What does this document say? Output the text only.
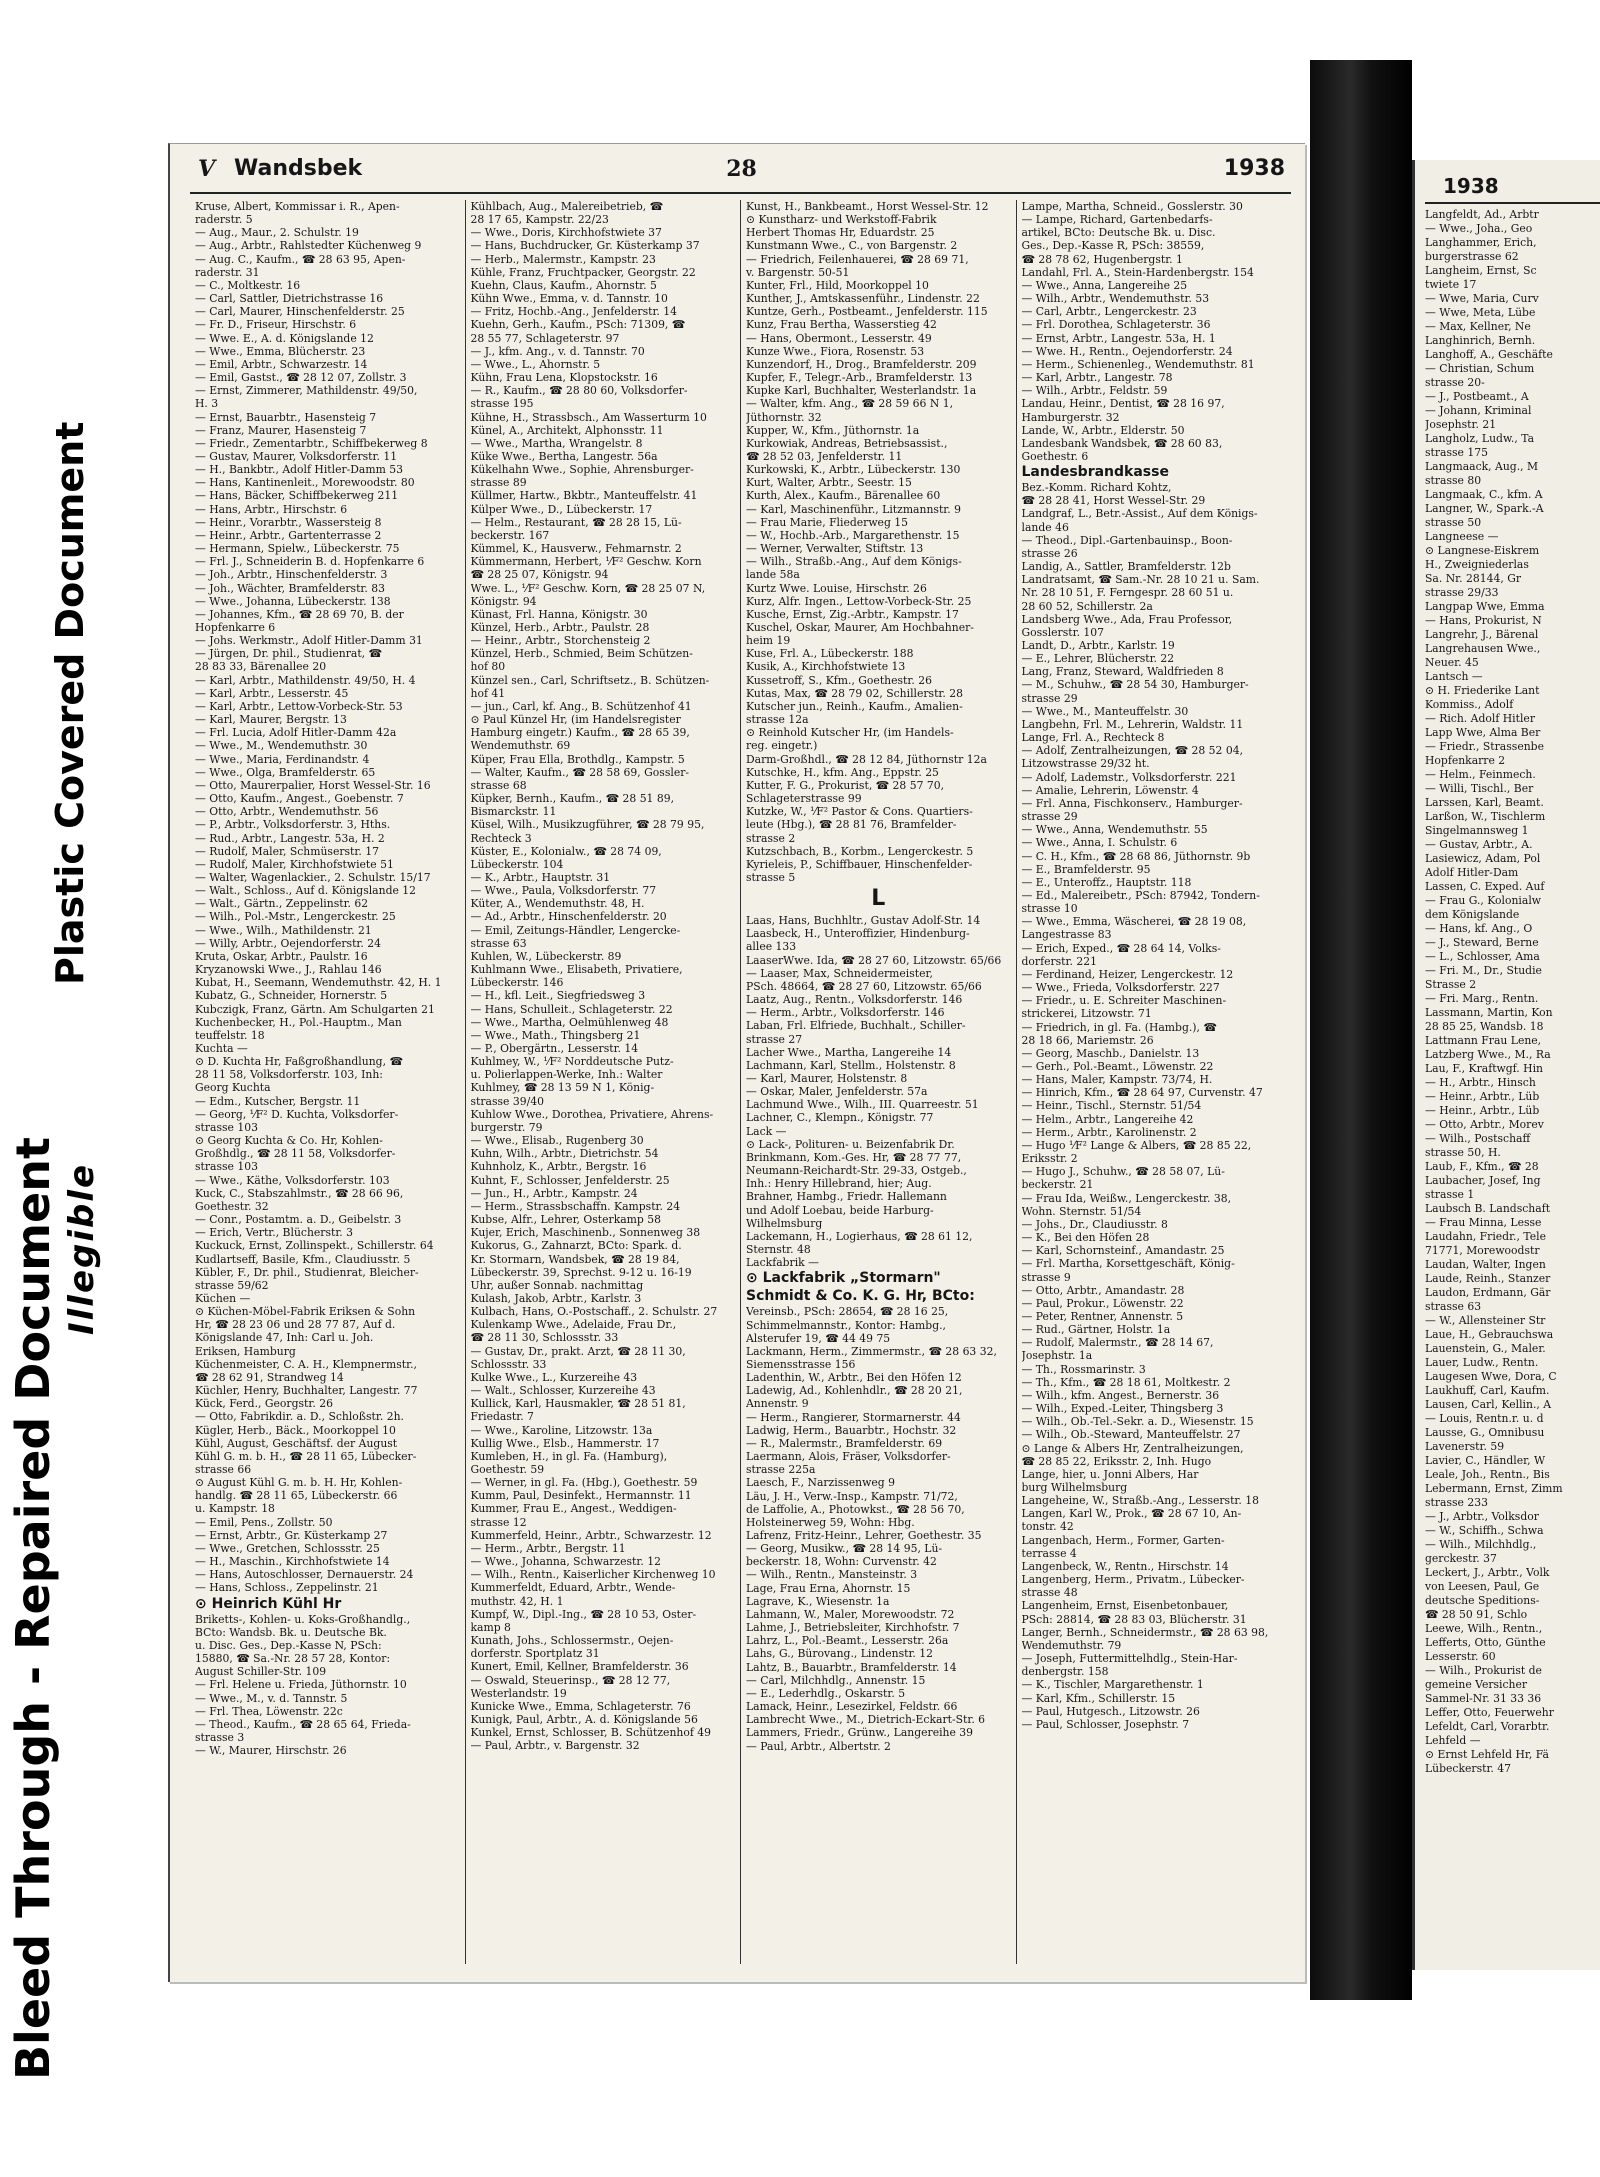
Bleed Through - Repaired Document Illegible
Plastic Covered Document
V Wandsbek	28	1938
Kruse, Albert, Kommissar i. R., Apen-
raderstr. 5
— Aug., Maur., 2. Schulstr. 19
— Aug., Arbtr., Rahlstedter Küchenweg 9
— Aug. C., Kaufm., ☎ 28 63 95, Apen-
raderstr. 31
— C., Moltkestr. 16
— Carl, Sattler, Dietrichstrasse 16
— Carl, Maurer, Hinschenfelderstr. 25
— Fr. D., Friseur, Hirschstr. 6
— Wwe. E., A. d. Königslande 12
— Wwe., Emma, Blücherstr. 23
— Emil, Arbtr., Schwarzestr. 14
— Emil, Gastst., ☎ 28 12 07, Zollstr. 3
— Ernst, Zimmerer, Mathildenstr. 49/50,
H. 3
— Ernst, Bauarbtr., Hasensteig 7
— Franz, Maurer, Hasensteig 7
— Friedr., Zementarbtr., Schiffbekerweg 8
— Gustav, Maurer, Volksdorferstr. 11
— H., Bankbtr., Adolf Hitler-Damm 53
— Hans, Kantinenleit., Morewoodstr. 80
— Hans, Bäcker, Schiffbekerweg 211
— Hans, Arbtr., Hirschstr. 6
— Heinr., Vorarbtr., Wassersteig 8
— Heinr., Arbtr., Gartenterrasse 2
— Hermann, Spielw., Lübeckerstr. 75
— Frl. J., Schneiderin B. d. Hopfenkarre 6
— Joh., Arbtr., Hinschenfelderstr. 3
— Joh., Wächter, Bramfelderstr. 83
— Wwe., Johanna, Lübeckerstr. 138
— Johannes, Kfm., ☎ 28 69 70, B. der
Hopfenkarre 6
— Johs. Werkmstr., Adolf Hitler-Damm 31
— Jürgen, Dr. phil., Studienrat, ☎
28 83 33, Bärenallee 20
— Karl, Arbtr., Mathildenstr. 49/50, H. 4
— Karl, Arbtr., Lesserstr. 45
— Karl, Arbtr., Lettow-Vorbeck-Str. 53
— Karl, Maurer, Bergstr. 13
— Frl. Lucia, Adolf Hitler-Damm 42a
— Wwe., M., Wendemuthstr. 30
— Wwe., Maria, Ferdinandstr. 4
— Wwe., Olga, Bramfelderstr. 65
— Otto, Maurerpalier, Horst Wessel-Str. 16
— Otto, Kaufm., Angest., Goebenstr. 7
— Otto, Arbtr., Wendemuthstr. 56
— P., Arbtr., Volksdorferstr. 3, Hths.
— Rud., Arbtr., Langestr. 53a, H. 2
— Rudolf, Maler, Schmüserstr. 17
— Rudolf, Maler, Kirchhofstwiete 51
— Walter, Wagenlackier., 2. Schulstr. 15/17
— Walt., Schloss., Auf d. Königslande 12
— Walt., Gärtn., Zeppelinstr. 62
— Wilh., Pol.-Mstr., Lengerckestr. 25
— Wwe., Wilh., Mathildenstr. 21
— Willy, Arbtr., Oejendorferstr. 24
Kruta, Oskar, Arbtr., Paulstr. 16
Kryzanowski Wwe., J., Rahlau 146
Kubat, H., Seemann, Wendemuthstr. 42, H. 1
Kubatz, G., Schneider, Hornerstr. 5
Kubczigk, Franz, Gärtn. Am Schulgarten 21
Kuchenbecker, H., Pol.-Hauptm., Man
teuffelstr. 18
Kuchta —
⊙ D. Kuchta Hr, Faßgroßhandlung, ☎
28 11 58, Volksdorferstr. 103, Inh:
Georg Kuchta
— Edm., Kutscher, Bergstr. 11
— Georg, ⅟F² D. Kuchta, Volksdorfer-
strasse 103
⊙ Georg Kuchta & Co. Hr, Kohlen-
Großhdlg., ☎ 28 11 58, Volksdorfer-
strasse 103
— Wwe., Käthe, Volksdorferstr. 103
Kuck, C., Stabszahlmstr., ☎ 28 66 96,
Goethestr. 32
— Conr., Postamtm. a. D., Geibelstr. 3
— Erich, Vertr., Blücherstr. 3
Kuckuck, Ernst, Zollinspekt., Schillerstr. 64
Kudlartseff, Basile, Kfm., Claudiusstr. 5
Kübler, F., Dr. phil., Studienrat, Bleicher-
strasse 59/62
Küchen —
⊙ Küchen-Möbel-Fabrik Eriksen & Sohn
Hr, ☎ 28 23 06 und 28 77 87, Auf d.
Königslande 47, Inh: Carl u. Joh.
Eriksen, Hamburg
Küchenmeister, C. A. H., Klempnermstr.,
☎ 28 62 91, Strandweg 14
Küchler, Henry, Buchhalter, Langestr. 77
Kück, Ferd., Georgstr. 26
— Otto, Fabrikdir. a. D., Schloßstr. 2h.
Kügler, Herb., Bäck., Moorkoppel 10
Kühl, August, Geschäftsf. der August
Kühl G. m. b. H., ☎ 28 11 65, Lübecker-
strasse 66
⊙ August Kühl G. m. b. H. Hr, Kohlen-
handlg. ☎ 28 11 65, Lübeckerstr. 66
u. Kampstr. 18
— Emil, Pens., Zollstr. 50
— Ernst, Arbtr., Gr. Küsterkamp 27
— Wwe., Gretchen, Schlossstr. 25
— H., Maschin., Kirchhofstwiete 14
— Hans, Autoschlosser, Dernauerstr. 24
— Hans, Schloss., Zeppelinstr. 21
⊙ Heinrich Kühl Hr
Briketts-, Kohlen- u. Koks-Großhandlg.,
BCto: Wandsb. Bk. u. Deutsche Bk.
u. Disc. Ges., Dep.-Kasse N, PSch:
15880, ☎ Sa.-Nr. 28 57 28, Kontor:
August Schiller-Str. 109
— Frl. Helene u. Frieda, Jüthornstr. 10
— Wwe., M., v. d. Tannstr. 5
— Frl. Thea, Löwenstr. 22c
— Theod., Kaufm., ☎ 28 65 64, Frieda-
strasse 3
— W., Maurer, Hirschstr. 26
Kühlbach, Aug., Malereibetrieb, ☎
28 17 65, Kampstr. 22/23
— Wwe., Doris, Kirchhofstwiete 37
— Hans, Buchdrucker, Gr. Küsterkamp 37
— Herb., Malermstr., Kampstr. 23
Kühle, Franz, Fruchtpacker, Georgstr. 22
Kuehn, Claus, Kaufm., Ahornstr. 5
Kühn Wwe., Emma, v. d. Tannstr. 10
— Fritz, Hochb.-Ang., Jenfelderstr. 14
Kuehn, Gerh., Kaufm., PSch: 71309, ☎
28 55 77, Schlageterstr. 97
— J., kfm. Ang., v. d. Tannstr. 70
— Wwe., L., Ahornstr. 5
Kühn, Frau Lena, Klopstockstr. 16
— R., Kaufm., ☎ 28 80 60, Volksdorfer-
strasse 195
Kühne, H., Strassbsch., Am Wasserturm 10
Künel, A., Architekt, Alphonsstr. 11
— Wwe., Martha, Wrangelstr. 8
Küke Wwe., Bertha, Langestr. 56a
Kükelhahn Wwe., Sophie, Ahrensburger-
strasse 89
Küllmer, Hartw., Bkbtr., Manteuffelstr. 41
Külper Wwe., D., Lübeckerstr. 17
— Helm., Restaurant, ☎ 28 28 15, Lü-
beckerstr. 167
Kümmel, K., Hausverw., Fehmarnstr. 2
Kümmermann, Herbert, ⅟F² Geschw. Korn
☎ 28 25 07, Königstr. 94
Wwe. L., ⅟F² Geschw. Korn, ☎ 28 25 07 N,
Königstr. 94
Künast, Frl. Hanna, Königstr. 30
Künzel, Herb., Arbtr., Paulstr. 28
— Heinr., Arbtr., Storchensteig 2
Künzel, Herb., Schmied, Beim Schützen-
hof 80
Künzel sen., Carl, Schriftsetz., B. Schützen-
hof 41
— jun., Carl, kf. Ang., B. Schützenhof 41
⊙ Paul Künzel Hr, (im Handelsregister
Hamburg eingetr.) Kaufm., ☎ 28 65 39,
Wendemuthstr. 69
Küper, Frau Ella, Brothdlg., Kampstr. 5
— Walter, Kaufm., ☎ 28 58 69, Gossler-
strasse 68
Küpker, Bernh., Kaufm., ☎ 28 51 89,
Bismarckstr. 11
Küsel, Wilh., Musikzugführer, ☎ 28 79 95,
Rechteck 3
Küster, E., Kolonialw., ☎ 28 74 09,
Lübeckerstr. 104
— K., Arbtr., Hauptstr. 31
— Wwe., Paula, Volksdorferstr. 77
Küter, A., Wendemuthstr. 48, H.
— Ad., Arbtr., Hinschenfelderstr. 20
— Emil, Zeitungs-Händler, Lengercke-
strasse 63
Kuhlen, W., Lübeckerstr. 89
Kuhlmann Wwe., Elisabeth, Privatiere,
Lübeckerstr. 146
— H., kfl. Leit., Siegfriedsweg 3
— Hans, Schulleit., Schlageterstr. 22
— Wwe., Martha, Oelmühlenweg 48
— Wwe., Math., Thingsberg 21
— P., Obergärtn., Lesserstr. 14
Kuhlmey, W., ⅟F² Norddeutsche Putz-
u. Polierlappen-Werke, Inh.: Walter
Kuhlmey, ☎ 28 13 59 N 1, König-
strasse 39/40
Kuhlow Wwe., Dorothea, Privatiere, Ahrens-
burgerstr. 79
— Wwe., Elisab., Rugenberg 30
Kuhn, Wilh., Arbtr., Dietrichstr. 54
Kuhnholz, K., Arbtr., Bergstr. 16
Kuhnt, F., Schlosser, Jenfelderstr. 25
— Jun., H., Arbtr., Kampstr. 24
— Herm., Strassbschaffn. Kampstr. 24
Kubse, Alfr., Lehrer, Osterkamp 58
Kujer, Erich, Maschinenb., Sonnenweg 38
Kukorus, G., Zahnarzt, BCto: Spark. d.
Kr. Stormarn, Wandsbek, ☎ 28 19 84,
Lübeckerstr. 39, Sprechst. 9-12 u. 16-19
Uhr, außer Sonnab. nachmittag
Kulash, Jakob, Arbtr., Karlstr. 3
Kulbach, Hans, O.-Postschaff., 2. Schulstr. 27
Kulenkamp Wwe., Adelaide, Frau Dr.,
☎ 28 11 30, Schlossstr. 33
— Gustav, Dr., prakt. Arzt, ☎ 28 11 30,
Schlossstr. 33
Kulke Wwe., L., Kurzereihe 43
— Walt., Schlosser, Kurzereihe 43
Kullick, Karl, Hausmakler, ☎ 28 51 81,
Friedastr. 7
— Wwe., Karoline, Litzowstr. 13a
Kullig Wwe., Elsb., Hammerstr. 17
Kumleben, H., in gl. Fa. (Hamburg),
Goethestr. 59
— Werner, in gl. Fa. (Hbg.), Goethestr. 59
Kumm, Paul, Desinfekt., Hermannstr. 11
Kummer, Frau E., Angest., Weddigen-
strasse 12
Kummerfeld, Heinr., Arbtr., Schwarzestr. 12
— Herm., Arbtr., Bergstr. 11
— Wwe., Johanna, Schwarzestr. 12
— Wilh., Rentn., Kaiserlicher Kirchenweg 10
Kummerfeldt, Eduard, Arbtr., Wende-
muthstr. 42, H. 1
Kumpf, W., Dipl.-Ing., ☎ 28 10 53, Oster-
kamp 8
Kunath, Johs., Schlossermstr., Oejen-
dorferstr. Sportplatz 31
Kunert, Emil, Kellner, Bramfelderstr. 36
— Oswald, Steuerinsp., ☎ 28 12 77,
Westerlandstr. 19
Kunicke Wwe., Emma, Schlageterstr. 76
Kunigk, Paul, Arbtr., A. d. Königslande 56
Kunkel, Ernst, Schlosser, B. Schützenhof 49
— Paul, Arbtr., v. Bargenstr. 32
Kunst, H., Bankbeamt., Horst Wessel-Str. 12
⊙ Kunstharz- und Werkstoff-Fabrik
Herbert Thomas Hr, Eduardstr. 25
Kunstmann Wwe., C., von Bargenstr. 2
— Friedrich, Feilenhauerei, ☎ 28 69 71,
v. Bargenstr. 50-51
Kunter, Frl., Hild, Moorkoppel 10
Kunther, J., Amtskassenführ., Lindenstr. 22
Kuntze, Gerh., Postbeamt., Jenfelderstr. 115
Kunz, Frau Bertha, Wasserstieg 42
— Hans, Obermont., Lesserstr. 49
Kunze Wwe., Fiora, Rosenstr. 53
Kunzendorf, H., Drog., Bramfelderstr. 209
Kupfer, F., Telegr.-Arb., Bramfelderstr. 13
Kupke Karl, Buchhalter, Westerlandstr. 1a
— Walter, kfm. Ang., ☎ 28 59 66 N 1,
Jüthornstr. 32
Kupper, W., Kfm., Jüthornstr. 1a
Kurkowiak, Andreas, Betriebsassist.,
☎ 28 52 03, Jenfelderstr. 11
Kurkowski, K., Arbtr., Lübeckerstr. 130
Kurt, Walter, Arbtr., Seestr. 15
Kurth, Alex., Kaufm., Bärenallee 60
— Karl, Maschinenführ., Litzmannstr. 9
— Frau Marie, Fliederweg 15
— W., Hochb.-Arb., Margarethenstr. 15
— Werner, Verwalter, Stiftstr. 13
— Wilh., Straßb.-Ang., Auf dem Königs-
lande 58a
Kurtz Wwe. Louise, Hirschstr. 26
Kurz, Alfr. Ingen., Lettow-Vorbeck-Str. 25
Kusche, Ernst, Zig.-Arbtr., Kampstr. 17
Kuschel, Oskar, Maurer, Am Hochbahner-
heim 19
Kuse, Frl. A., Lübeckerstr. 188
Kusik, A., Kirchhofstwiete 13
Kussetroff, S., Kfm., Goethestr. 26
Kutas, Max, ☎ 28 79 02, Schillerstr. 28
Kutscher jun., Reinh., Kaufm., Amalien-
strasse 12a
⊙ Reinhold Kutscher Hr, (im Handels-
reg. eingetr.)
Darm-Großhdl., ☎ 28 12 84, Jüthornstr 12a
Kutschke, H., kfm. Ang., Eppstr. 25
Kutter, F. G., Prokurist, ☎ 28 57 70,
Schlageterstrasse 99
Kutzke, W., ⅟F² Pastor & Cons. Quartiers-
leute (Hbg.), ☎ 28 81 76, Bramfelder-
strasse 2
Kutzschbach, B., Korbm., Lengerckestr. 5
Kyrieleis, P., Schiffbauer, Hinschenfelder-
strasse 5
L
Laas, Hans, Buchhltr., Gustav Adolf-Str. 14
Laasbeck, H., Unteroffizier, Hindenburg-
allee 133
LaaserWwe. Ida, ☎ 28 27 60, Litzowstr. 65/66
— Laaser, Max, Schneidermeister,
PSch. 48664, ☎ 28 27 60, Litzowstr. 65/66
Laatz, Aug., Rentn., Volksdorferstr. 146
— Herm., Arbtr., Volksdorferstr. 146
Laban, Frl. Elfriede, Buchhalt., Schiller-
strasse 27
Lacher Wwe., Martha, Langereihe 14
Lachmann, Karl, Stellm., Holstenstr. 8
— Karl, Maurer, Holstenstr. 8
— Oskar, Maler, Jenfelderstr. 57a
Lachmund Wwe., Wilh., III. Quarreestr. 51
Lachner, C., Klempn., Königstr. 77
Lack —
⊙ Lack-, Polituren- u. Beizenfabrik Dr.
Brinkmann, Kom.-Ges. Hr, ☎ 28 77 77,
Neumann-Reichardt-Str. 29-33, Ostgeb.,
Inh.: Henry Hillebrand, hier; Aug.
Brahner, Hambg., Friedr. Hallemann
und Adolf Loebau, beide Harburg-
Wilhelmsburg
Lackemann, H., Logierhaus, ☎ 28 61 12,
Sternstr. 48
Lackfabrik —
⊙ Lackfabrik „Stormarn"
Schmidt & Co. K. G. Hr, BCto:
Vereinsb., PSch: 28654, ☎ 28 16 25,
Schimmelmannstr., Kontor: Hambg.,
Alsterufer 19, ☎ 44 49 75
Lackmann, Herm., Zimmermstr., ☎ 28 63 32,
Siemensstrasse 156
Ladenthin, W., Arbtr., Bei den Höfen 12
Ladewig, Ad., Kohlenhdlr., ☎ 28 20 21,
Annenstr. 9
— Herm., Rangierer, Stormarnerstr. 44
Ladwig, Herm., Bauarbtr., Hochstr. 32
— R., Malermstr., Bramfelderstr. 69
Laermann, Alois, Fräser, Volksdorfer-
strasse 225a
Laesch, F., Narzissenweg 9
Läu, J. H., Verw.-Insp., Kampstr. 71/72,
de Laffolie, A., Photowkst., ☎ 28 56 70,
Holsteinerweg 59, Wohn: Hbg.
Lafrenz, Fritz-Heinr., Lehrer, Goethestr. 35
— Georg, Musikw., ☎ 28 14 95, Lü-
beckerstr. 18, Wohn: Curvenstr. 42
— Wilh., Rentn., Mansteinstr. 3
Lage, Frau Erna, Ahornstr. 15
Lagrave, K., Wiesenstr. 1a
Lahmann, W., Maler, Morewoodstr. 72
Lahme, J., Betriebsleiter, Kirchhofstr. 7
Lahrz, L., Pol.-Beamt., Lesserstr. 26a
Lahs, G., Bürovang., Lindenstr. 12
Lahtz, B., Bauarbtr., Bramfelderstr. 14
— Carl, Milchhdlg., Annenstr. 15
— E., Lederhdlg., Oskarstr. 5
Lamack, Heinr., Lesezirkel, Feldstr. 66
Lambrecht Wwe., M., Dietrich-Eckart-Str. 6
Lammers, Friedr., Grünw., Langereihe 39
— Paul, Arbtr., Albertstr. 2
Lampe, Martha, Schneid., Gosslerstr. 30
— Lampe, Richard, Gartenbedarfs-
artikel, BCto: Deutsche Bk. u. Disc.
Ges., Dep.-Kasse R, PSch: 38559,
☎ 28 78 62, Hugenbergstr. 1
Landahl, Frl. A., Stein-Hardenbergstr. 154
— Wwe., Anna, Langereihe 25
— Wilh., Arbtr., Wendemuthstr. 53
— Carl, Arbtr., Lengerckestr. 23
— Frl. Dorothea, Schlageterstr. 36
— Ernst, Arbtr., Langestr. 53a, H. 1
— Wwe. H., Rentn., Oejendorferstr. 24
— Herm., Schienenleg., Wendemuthstr. 81
— Karl, Arbtr., Langestr. 78
— Wilh., Arbtr., Feldstr. 59
Landau, Heinr., Dentist, ☎ 28 16 97,
Hamburgerstr. 32
Lande, W., Arbtr., Elderstr. 50
Landesbank Wandsbek, ☎ 28 60 83,
Goethestr. 6
Landesbrandkasse
Bez.-Komm. Richard Kohtz,
☎ 28 28 41, Horst Wessel-Str. 29
Landgraf, L., Betr.-Assist., Auf dem Königs-
lande 46
— Theod., Dipl.-Gartenbauinsp., Boon-
strasse 26
Landig, A., Sattler, Bramfelderstr. 12b
Landratsamt, ☎ Sam.-Nr. 28 10 21 u. Sam.
Nr. 28 10 51, F. Ferngespr. 28 60 51 u.
28 60 52, Schillerstr. 2a
Landsberg Wwe., Ada, Frau Professor,
Gosslerstr. 107
Landt, D., Arbtr., Karlstr. 19
— E., Lehrer, Blücherstr. 22
Lang, Franz, Steward, Waldfrieden 8
— M., Schuhw., ☎ 28 54 30, Hamburger-
strasse 29
— Wwe., M., Manteuffelstr. 30
Langbehn, Frl. M., Lehrerin, Waldstr. 11
Lange, Frl. A., Rechteck 8
— Adolf, Zentralheizungen, ☎ 28 52 04,
Litzowstrasse 29/32 ht.
— Adolf, Lademstr., Volksdorferstr. 221
— Amalie, Lehrerin, Löwenstr. 4
— Frl. Anna, Fischkonserv., Hamburger-
strasse 29
— Wwe., Anna, Wendemuthstr. 55
— Wwe., Anna, I. Schulstr. 6
— C. H., Kfm., ☎ 28 68 86, Jüthornstr. 9b
— E., Bramfelderstr. 95
— E., Unteroffz., Hauptstr. 118
— Ed., Malereibetr., PSch: 87942, Tondern-
strasse 10
— Wwe., Emma, Wäscherei, ☎ 28 19 08,
Langestrasse 83
— Erich, Exped., ☎ 28 64 14, Volks-
dorferstr. 221
— Ferdinand, Heizer, Lengerckestr. 12
— Wwe., Frieda, Volksdorferstr. 227
— Friedr., u. E. Schreiter Maschinen-
strickerei, Litzowstr. 71
— Friedrich, in gl. Fa. (Hambg.), ☎
28 18 66, Mariemstr. 26
— Georg, Maschb., Danielstr. 13
— Gerh., Pol.-Beamt., Löwenstr. 22
— Hans, Maler, Kampstr. 73/74, H.
— Hinrich, Kfm., ☎ 28 64 97, Curvenstr. 47
— Heinr., Tischl., Sternstr. 51/54
— Helm., Arbtr., Langereihe 42
— Herm., Arbtr., Karolinenstr. 2
— Hugo ⅟F² Lange & Albers, ☎ 28 85 22,
Eriksstr. 2
— Hugo J., Schuhw., ☎ 28 58 07, Lü-
beckerstr. 21
— Frau Ida, Weißw., Lengerckestr. 38,
Wohn. Sternstr. 51/54
— Johs., Dr., Claudiusstr. 8
— K., Bei den Höfen 28
— Karl, Schornsteinf., Amandastr. 25
— Frl. Martha, Korsettgeschäft, König-
strasse 9
— Otto, Arbtr., Amandastr. 28
— Paul, Prokur., Löwenstr. 22
— Peter, Rentner, Annenstr. 5
— Rud., Gärtner, Holstr. 1a
— Rudolf, Malermstr., ☎ 28 14 67,
Josephstr. 1a
— Th., Rossmarinstr. 3
— Th., Kfm., ☎ 28 18 61, Moltkestr. 2
— Wilh., kfm. Angest., Bernerstr. 36
— Wilh., Exped.-Leiter, Thingsberg 3
— Wilh., Ob.-Tel.-Sekr. a. D., Wiesenstr. 15
— Wilh., Ob.-Steward, Manteuffelstr. 27
⊙ Lange & Albers Hr, Zentralheizungen,
☎ 28 85 22, Eriksstr. 2, Inh. Hugo
Lange, hier, u. Jonni Albers, Har
burg Wilhelmsburg
Langeheine, W., Straßb.-Ang., Lesserstr. 18
Langen, Karl W., Prok., ☎ 28 67 10, An-
tonstr. 42
Langenbach, Herm., Former, Garten-
terrasse 4
Langenbeck, W., Rentn., Hirschstr. 14
Langenberg, Herm., Privatm., Lübecker-
strasse 48
Langenheim, Ernst, Eisenbetonbauer,
PSch: 28814, ☎ 28 83 03, Blücherstr. 31
Langer, Bernh., Schneidermstr., ☎ 28 63 98,
Wendemuthstr. 79
— Joseph, Futtermittelhdlg., Stein-Har-
denbergstr. 158
— K., Tischler, Margarethenstr. 1
— Karl, Kfm., Schillerstr. 15
— Paul, Hutgesch., Litzowstr. 26
— Paul, Schlosser, Josephstr. 7
1938
Langfeldt, Ad., Arbtr
— Wwe., Joha., Geo
Langhammer, Erich,
burgerstrasse 62
Langheim, Ernst, Sc
twiete 17
— Wwe, Maria, Curv
— Wwe, Meta, Lübe
— Max, Kellner, Ne
Langhinrich, Bernh.
Langhoff, A., Geschäfte
— Christian, Schum
strasse 20-
— J., Postbeamt., A
— Johann, Kriminal
Josephstr. 21
Langholz, Ludw., Ta
strasse 175
Langmaack, Aug., M
strasse 80
Langmaak, C., kfm. A
Langner, W., Spark.-A
strasse 50
Langneese —
⊙ Langnese-Eiskrem
H., Zweigniederlas
Sa. Nr. 28144, Gr
strasse 29/33
Langpap Wwe, Emma
— Hans, Prokurist, N
Langrehr, J., Bärenal
Langrehausen Wwe.,
Neuer. 45
Lantsch —
⊙ H. Friederike Lant
Kommiss., Adolf
— Rich. Adolf Hitler
Lapp Wwe, Alma Ber
— Friedr., Strassenbe
Hopfenkarre 2
— Helm., Feinmech.
— Willi, Tischl., Ber
Larssen, Karl, Beamt.
Larßon, W., Tischlerm
Singelmannsweg 1
— Gustav, Arbtr., A.
Lasiewicz, Adam, Pol
Adolf Hitler-Dam
Lassen, C. Exped. Auf
— Frau G., Kolonialw
dem Königslande
— Hans, kf. Ang., O
— J., Steward, Berne
— L., Schlosser, Ama
— Fri. M., Dr., Studie
Strasse 2
— Fri. Marg., Rentn.
Lassmann, Martin, Kon
28 85 25, Wandsb. 18
Lattmann Frau Lene,
Latzberg Wwe., M., Ra
Lau, F., Kraftwgf. Hin
— H., Arbtr., Hinsch
— Heinr., Arbtr., Lüb
— Heinr., Arbtr., Lüb
— Otto, Arbtr., Morev
— Wilh., Postschaff
strasse 50, H.
Laub, F., Kfm., ☎ 28
Laubacher, Josef, Ing
strasse 1
Laubsch B. Landschaft
— Frau Minna, Lesse
Laudahn, Friedr., Tele
71771, Morewoodstr
Laudan, Walter, Ingen
Laude, Reinh., Stanzer
Laudon, Erdmann, Gär
strasse 63
— W., Allensteiner Str
Laue, H., Gebrauchswa
Lauenstein, G., Maler.
Lauer, Ludw., Rentn.
Laugesen Wwe, Dora, C
Laukhuff, Carl, Kaufm.
Lausen, Carl, Kellin., A
— Louis, Rentn.r. u. d
Lausse, G., Omnibusu
Lavenerstr. 59
Lavier, C., Händler, W
Leale, Joh., Rentn., Bis
Lebermann, Ernst, Zimm
strasse 233
— J., Arbtr., Volksdor
— W., Schiffh., Schwa
— Wilh., Milchhdlg.,
gerckestr. 37
Leckert, J., Arbtr., Volk
von Leesen, Paul, Ge
deutsche Speditions-
☎ 28 50 91, Schlo
Leewe, Wilh., Rentn.,
Lefferts, Otto, Günthe
Lesserstr. 60
— Wilh., Prokurist de
gemeine Versicher
Sammel-Nr. 31 33 36
Leffer, Otto, Feuerwehr
Lefeldt, Carl, Vorarbtr.
Lehfeld —
⊙ Ernst Lehfeld Hr, Fä
Lübeckerstr. 47
